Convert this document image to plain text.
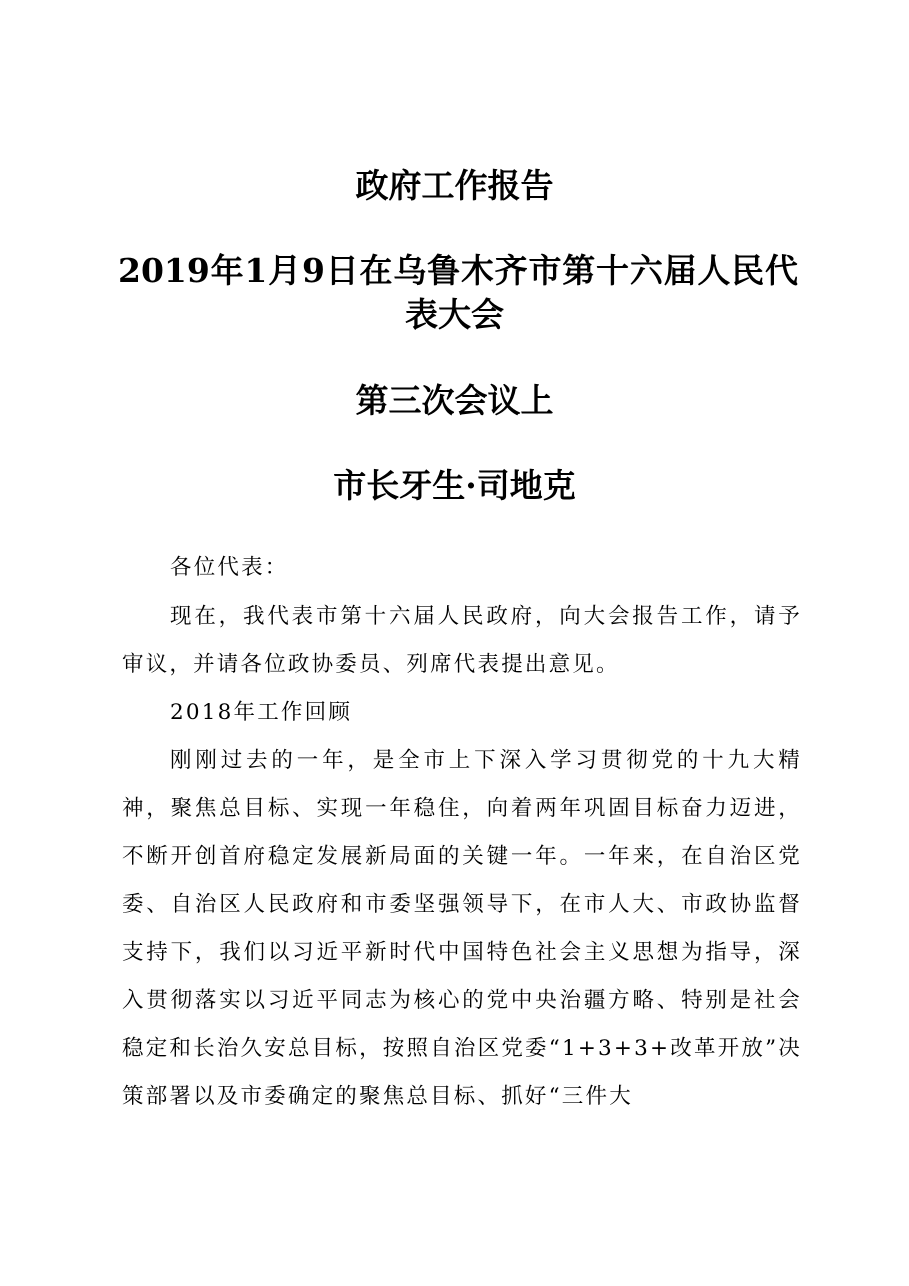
政府工作报告
2019年1月9日在乌鲁木齐市第十六届人民代
表大会
第三次会议上
市长牙生·司地克

各位代表：

现在，我代表市第十六届人民政府，向大会报告工作，请予审议，并请各位政协委员、列席代表提出意见。

2018年工作回顾

刚刚过去的一年，是全市上下深入学习贯彻党的十九大精神，聚焦总目标、实现一年稳住，向着两年巩固目标奋力迈进，不断开创首府稳定发展新局面的关键一年。一年来，在自治区党委、自治区人民政府和市委坚强领导下，在市人大、市政协监督支持下，我们以习近平新时代中国特色社会主义思想为指导，深入贯彻落实以习近平同志为核心的党中央治疆方略、特别是社会稳定和长治久安总目标，按照自治区党委“1+3+3+改革开放”决策部署以及市委确定的聚焦总目标、抓好“三件大
